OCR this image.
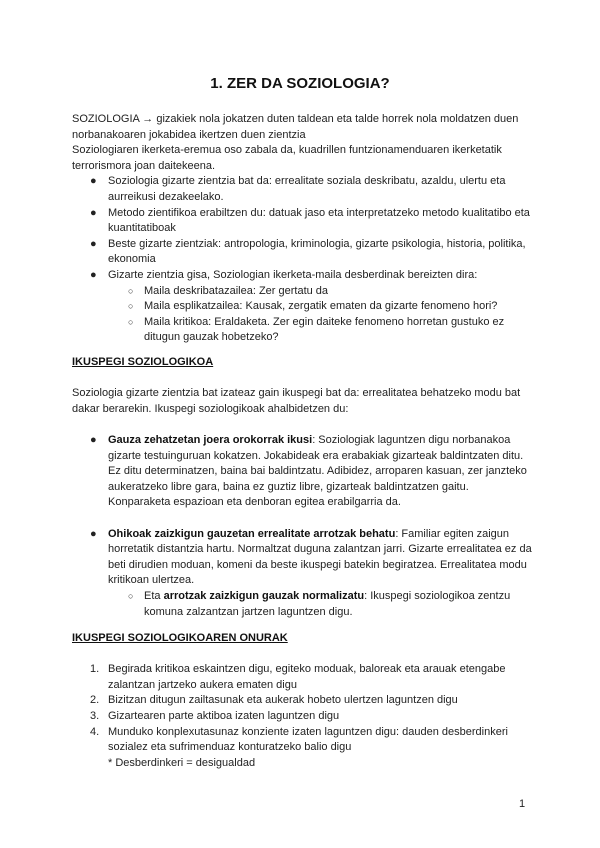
1. ZER DA SOZIOLOGIA?

SOZIOLOGIA → gizakiek nola jokatzen duten taldean eta talde horrek nola moldatzen duen norbanakoaren jokabidea ikertzen duen zientzia

Soziologiaren ikerketa-eremua oso zabala da, kuadrillen funtzionamenduaren ikerketatik terrorismora joan daitekeena.

● Soziologia gizarte zientzia bat da: errealitate soziala deskribatu, azaldu, ulertu eta aurreikusi dezakeelako.
● Metodo zientifikoa erabiltzen du: datuak jaso eta interpretatzeko metodo kualitatibo eta kuantitatiboak
● Beste gizarte zientziak: antropologia, kriminologia, gizarte psikologia, historia, politika, ekonomia
● Gizarte zientzia gisa, Soziologian ikerketa-maila desberdinak bereizten dira:
○ Maila deskribatazailea: Zer gertatu da
○ Maila esplikatzailea: Kausak, zergatik ematen da gizarte fenomeno hori?
○ Maila kritikoa: Eraldaketa. Zer egin daiteke fenomeno horretan gustuko ez ditugun gauzak hobetzeko?
IKUSPEGI SOZIOLOGIKOA

Soziologia gizarte zientzia bat izateaz gain ikuspegi bat da: errealitatea behatzeko modu bat dakar berarekin. Ikuspegi soziologikoak ahalbidetzen du:

● Gauza zehatzetan joera orokorrak ikusi: Soziologiak laguntzen digu norbanakoa gizarte testuinguruan kokatzen. Jokabideak era erabakiak gizarteak baldintzaten ditu. Ez ditu determinatzen, baina bai baldintzatu. Adibidez, arroparen kasuan, zer janzteko aukeratzeko libre gara, baina ez guztiz libre, gizarteak baldintzatzen gaitu. Konparaketa espazioan eta denboran egitea erabilgarria da.
● Ohikoak zaizkigun gauzetan errealitate arrotzak behatu: Familiar egiten zaigun horretatik distantzia hartu. Normaltzat duguna zalantzan jarri. Gizarte errealitatea ez da beti dirudien moduan, komeni da beste ikuspegi batekin begiratzea. Errealitatea modu kritikoan ulertzea.
○ Eta arrotzak zaizkigun gauzak normalizatu: Ikuspegi soziologikoa zentzu komuna zalzantzan jartzen laguntzen digu.
IKUSPEGI SOZIOLOGIKOAREN ONURAK
1. Begirada kritikoa eskaintzen digu, egiteko moduak, baloreak eta arauak etengabe zalantzan jartzeko aukera ematen digu
2. Bizitzan ditugun zailtasunak eta aukerak hobeto ulertzen laguntzen digu
3. Gizartearen parte aktiboa izaten laguntzen digu
4. Munduko konplexutasunaz konziente izaten laguntzen digu: dauden desberdinkeri sozialez eta sufrimenduaz konturatzeko balio digu
* Desberdinkeri = desigualdad
1
